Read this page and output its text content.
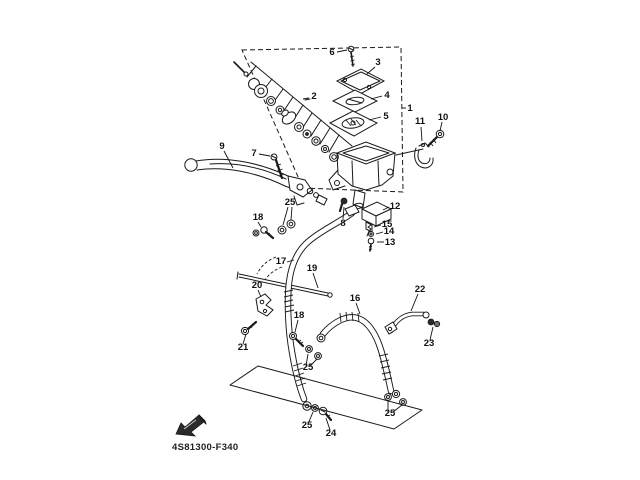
4S81300-F340
1
2
3
4
5
6
7
8
9
10
11
12
13
14
15
16
17
18
18
19
20
21
22
23
24
25
25
25
25
